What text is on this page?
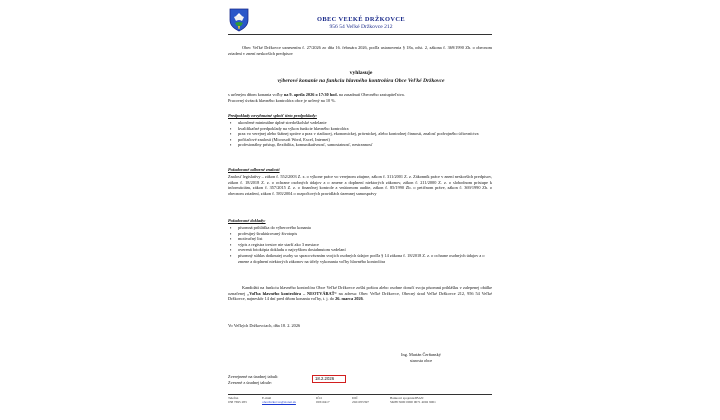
OBEC VEĽKÉ DRŽKOVCE
956 54 Veľké Držkovce 212

Obec Veľké Držkovce uznesením č. 27/2026 zo dňa 16. februára 2026, podľa ustanovenia § 18a, odst. 2, zákona č. 369/1990 Zb. o obecnom zriadení v znení neskorších predpisov

vyhlasuje
výberové konanie na funkciu hlavného kontrolóra Obce Veľké Držkovce

s určeným dňom konania voľby na 9. apríla 2026 o 17:30 hod. na zasadnutí Obecného zastupiteľstva.
Pracovný úväzok hlavného kontrolóra obce je určený na 10 %.

Predpoklady nevyhnutné splniť tieto predpoklady:
▪ ukončené minimálne úplné stredoškolské vzdelanie
▪ kvalifikačné predpoklady na výkon funkcie hlavného kontrolóra
▪ prax vo verejnej alebo štátnej správe a prax v riadiacej, ekonomickej, právnickej, alebo kontrolnej činnosti, znalosť podvojného účtovníctva
▪ počítačové znalosti (Microsoft Word, Excel, Internet)
▪ profesionálny prístup, flexibilita, komunikatívnosť, samostatnosť, nestrannosť
Požadované odborné znalosti

Znalosť legislatívy – zákon č. 552/2003 Z. z. o výkone práce vo verejnom záujme, zákon č. 311/2001 Z. z. Zákonník práce v znení neskorších predpisov, zákon č. 18/2018 Z. z. o ochrane osobných údajov a o zmene a doplnení niektorých zákonov, zákon č. 211/2000 Z. z. o slobodnom prístupe k informáciám, zákon č. 357/2015 Z. z. o finančnej kontrole a vnútornom audite, zákon č. 85/1990 Zb. o petičnom práve, zákon č. 369/1990 Zb. o obecnom zriadení, zákon č. 583/2004 o rozpočtových pravidlách územnej samosprávy

Požadované doklady:
▪ písomná prihláška do výberového konania
▪ profesijný štruktúrovaný životopis
▪ motivačný list
▪ výpis z registra trestov nie starší ako 3 mesiace
▪ overená fotokópia dokladu o najvyššom dosiahnutom vzdelaní
▪ písomný súhlas dotknutej osoby so spracovávaním svojich osobných údajov podľa § 14 zákona č. 18/2018 Z. z. o ochrane osobných údajov a o zmene a doplnení niektorých zákonov na účely vykonania voľby hlavného kontrolóra

Kandidáti na funkciu hlavného kontrolóra Obce Veľké Držkovce zošlú poštou alebo osobne doručí svoju písomnú prihlášku v zalepenej obálke označenej „Voľba hlavného kontrolóra – NEOTVÁRAŤ“ na adresu: Obec Veľké Držkovce, Obecný úrad Veľké Držkovce 212, 956 54 Veľké Držkovce, najneskôr 14 dní pred dňom konania voľby, t. j. do 26. marca 2026.

Vo Veľkých Držkovciach, dňa 18. 2. 2026
Ing. Marián Čerňanský
starosta obce
Zverejnené na úradnej tabuli:	18.2.2026
Zvesené z úradnej tabule:
Telefón
038 7695 283
E-mail
obecdrzkovce@stonet.sk
IČO
00310417
DIČ
2021055397
Bankové spojenie/IBAN
SK88 5600 0000 0071 4002 9001
